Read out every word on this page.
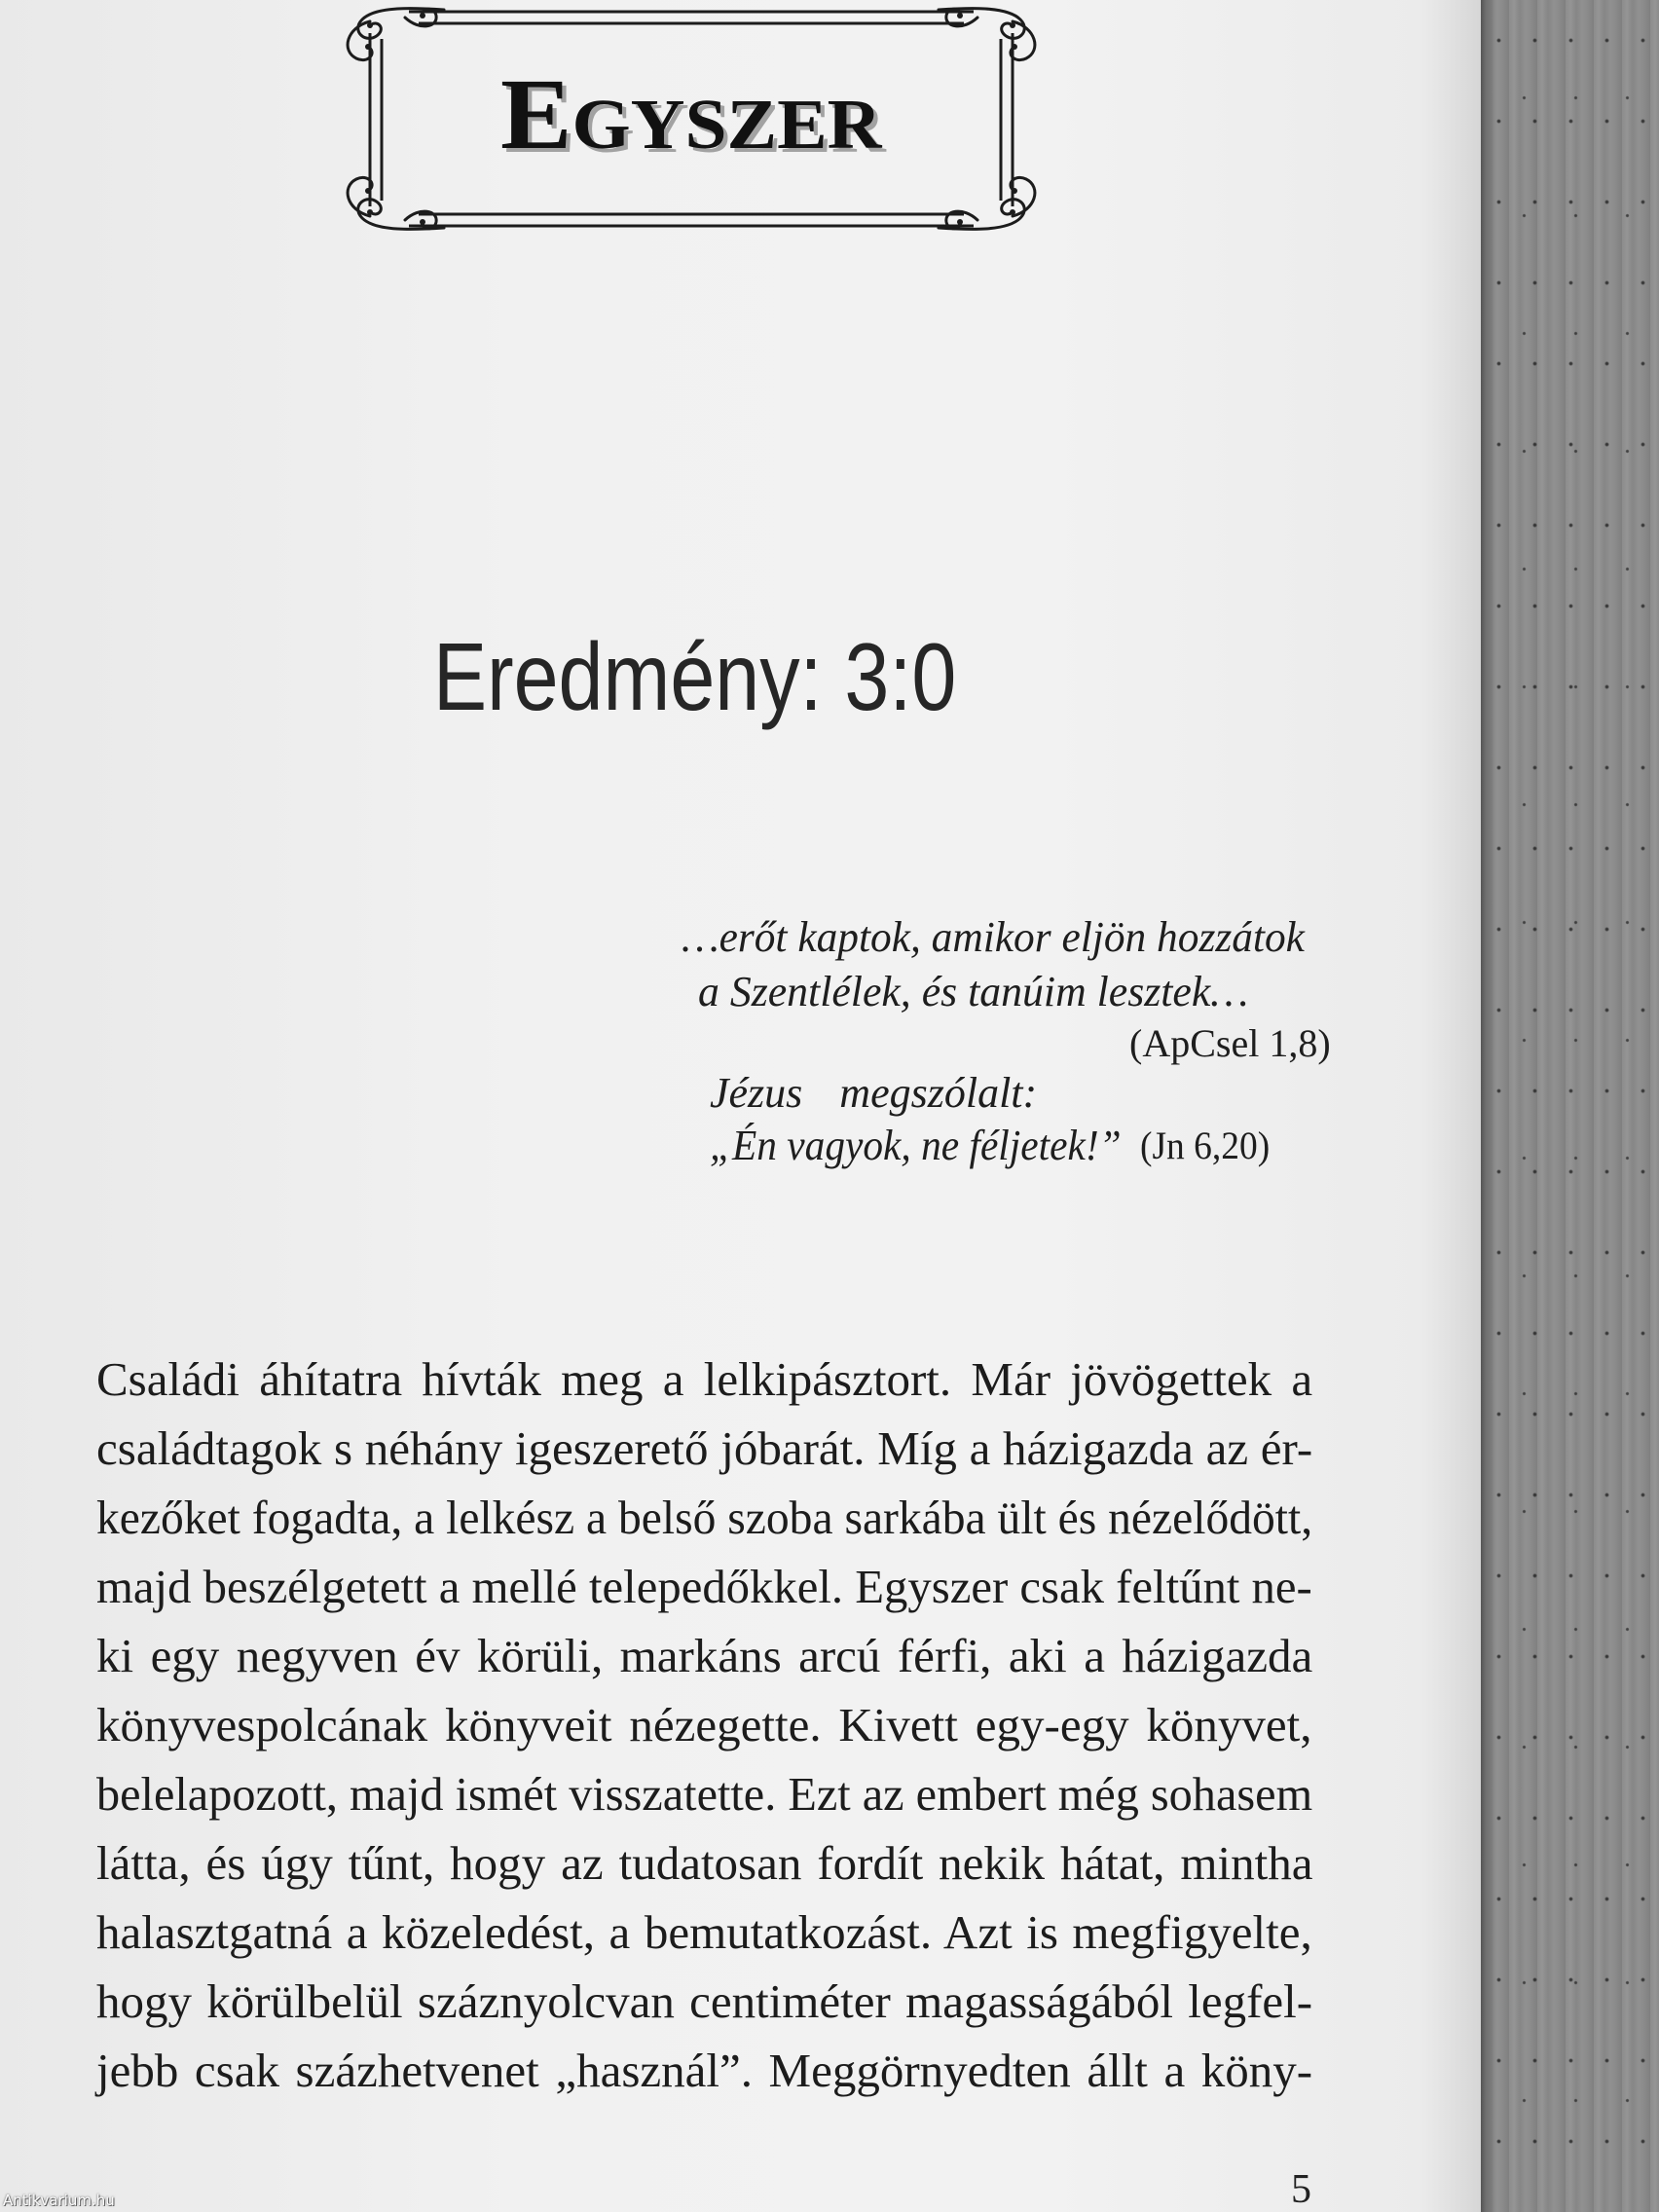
Egyszer
Eredmény: 3:0
…erőt kaptok, amikor eljön hozzátok
a Szentlélek, és tanúim lesztek…
(ApCsel 1,8)
Jézus megszólalt:
„Én vagyok, ne féljetek!” (Jn 6,20)
Családi áhítatra hívták meg a lelkipásztort. Már jövögettek a
családtagok s néhány igeszerető jóbarát. Míg a házigazda az ér-
kezőket fogadta, a lelkész a belső szoba sarkába ült és nézelődött,
majd beszélgetett a mellé telepedőkkel. Egyszer csak feltűnt ne-
ki egy negyven év körüli, markáns arcú férfi, aki a házigazda
könyvespolcának könyveit nézegette. Kivett egy-egy könyvet,
belelapozott, majd ismét visszatette. Ezt az embert még sohasem
látta, és úgy tűnt, hogy az tudatosan fordít nekik hátat, mintha
halasztgatná a közeledést, a bemutatkozást. Azt is megfigyelte,
hogy körülbelül száznyolcvan centiméter magasságából legfel-
jebb csak százhetvenet „használ”. Meggörnyedten állt a köny-
5
Antikvarium.hu
